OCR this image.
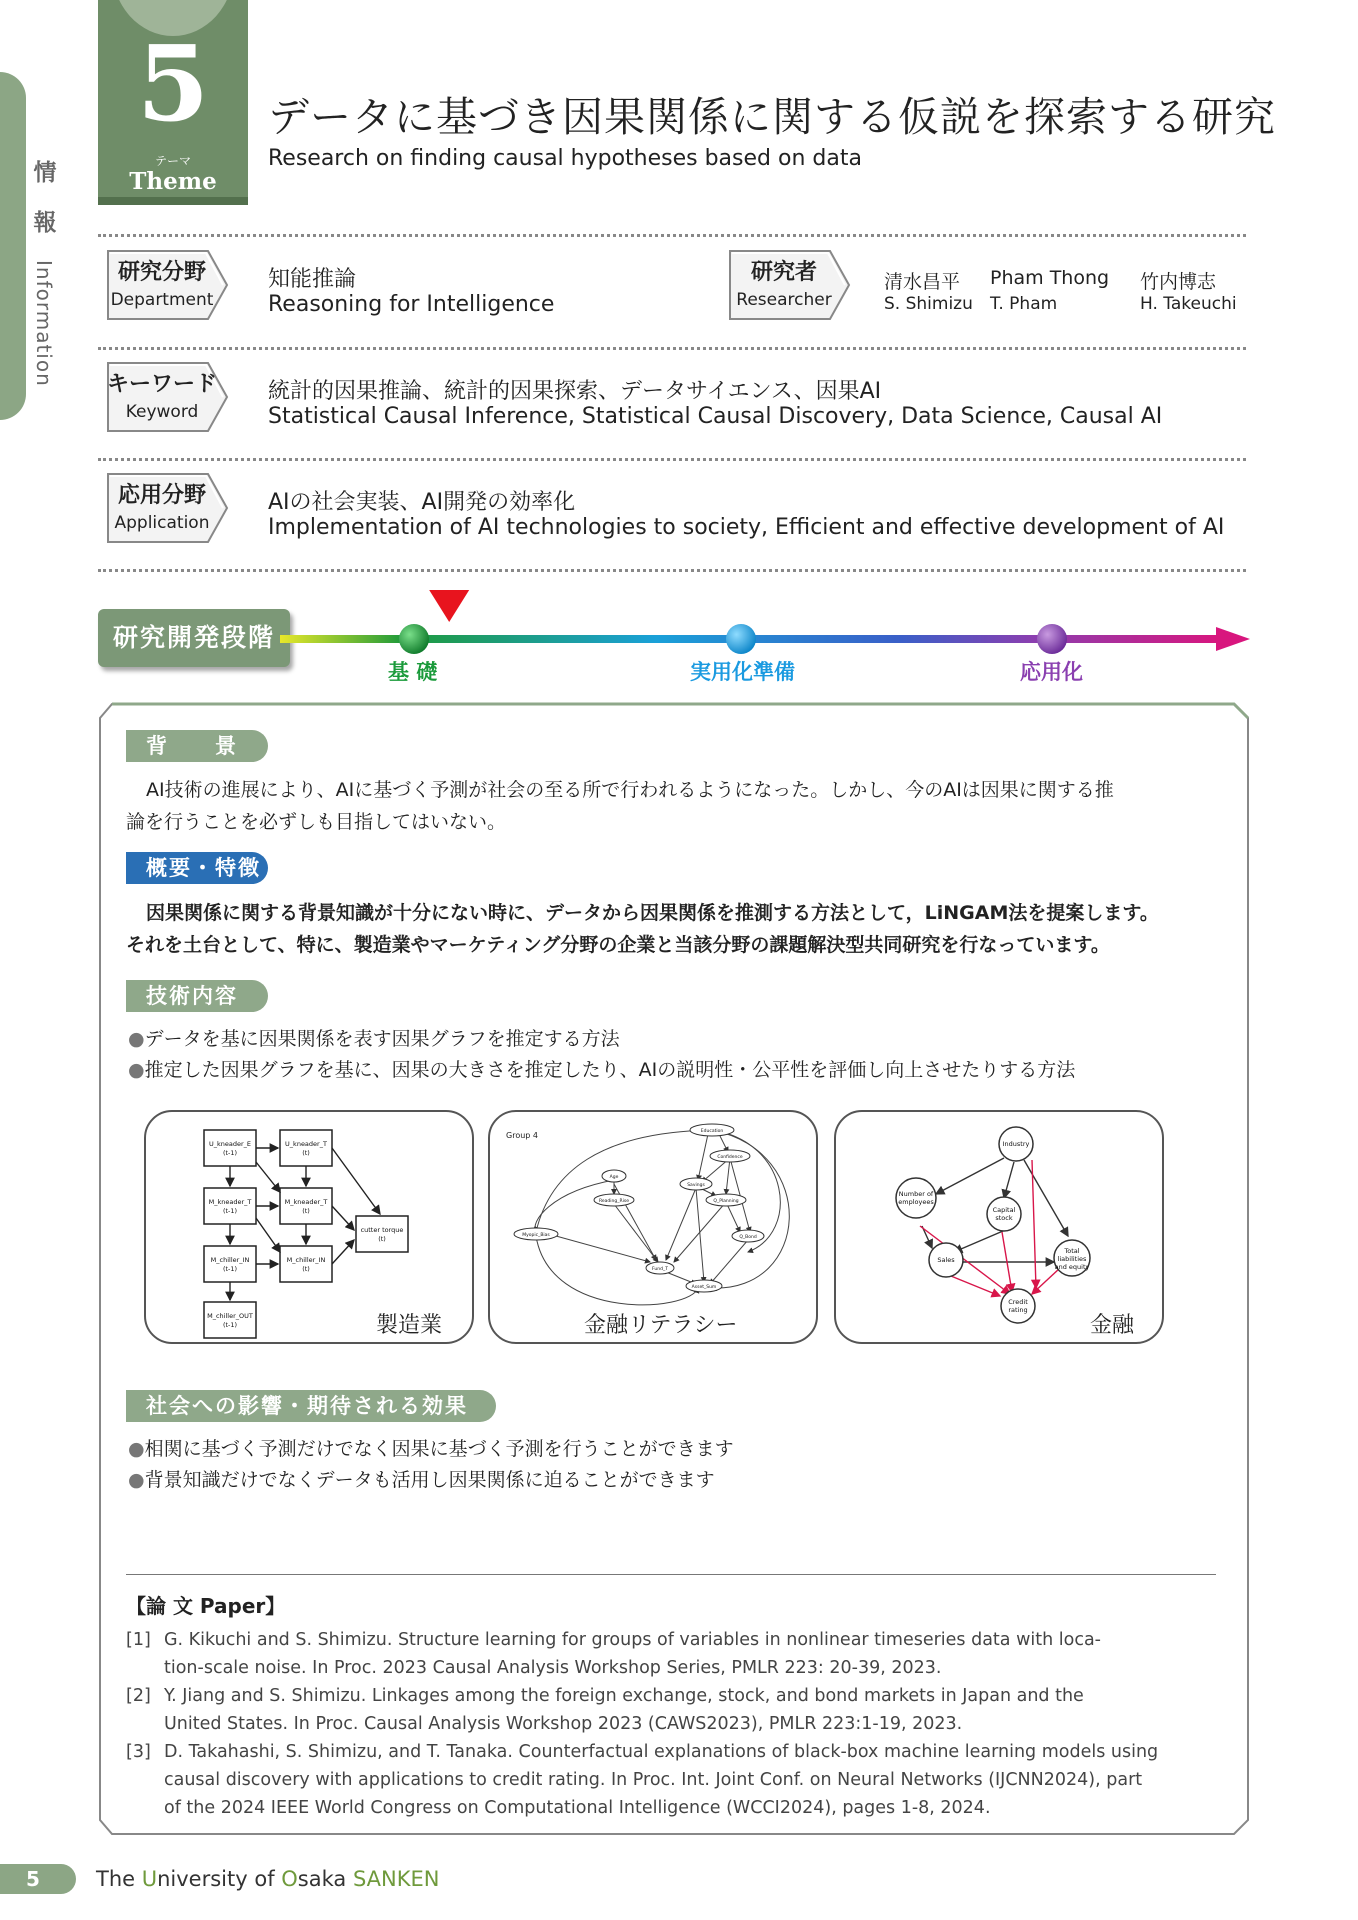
情
報
Information
5
テーマ
Theme
データに基づき因果関係に関する仮説を探索する研究
Research on finding causal hypotheses based on data
研究分野
Department
知能推論
Reasoning for Intelligence
研究者
Researcher
清水昌平
S. Shimizu
Pham Thong
T. Pham
竹内博志
H. Takeuchi
キーワード
Keyword
統計的因果推論、統計的因果探索、データサイエンス、因果AI
Statistical Causal Inference, Statistical Causal Discovery, Data Science, Causal AI
応用分野
Application
AIの社会実装、AI開発の効率化
Implementation of AI technologies to society, Efficient and effective development of AI
研究開発段階
基 礎	実用化準備	応用化
背　　景
AI技術の進展により、AIに基づく予測が社会の至る所で行われるようになった。しかし、今のAIは因果に関する推
論を行うことを必ずしも目指してはいない。
概要・特徴
因果関係に関する背景知識が十分にない時に、データから因果関係を推測する方法として，LiNGAM法を提案します。
それを土台として、特に、製造業やマーケティング分野の企業と当該分野の課題解決型共同研究を行なっています。
技術内容
●データを基に因果関係を表す因果グラフを推定する方法
●推定した因果グラフを基に、因果の大きさを推定したり、AIの説明性・公平性を評価し向上させたりする方法
U_kneader_E
(t-1)
U_kneader_T
(t)
M_kneader_T
(t-1)
M_kneader_T
(t)
M_chiller_IN
(t-1)
M_chiller_IN
(t)
M_chiller_OUT
(t-1)
cutter torque
(t)
製造業
Group 4	Education
Confidence
Age
Savings
Reading_Rise	Q_Planning
Q_Bond
Myopic_Bias
Fund_T
Asset_Sum
金融リテラシー
Industry
Number of
employees
Capital
stock
Sales
Total
liabilities
and equity
Credit
rating
金融
社会への影響・期待される効果
●相関に基づく予測だけでなく因果に基づく予測を行うことができます
●背景知識だけでなくデータも活用し因果関係に迫ることができます
【論 文 Paper】
[1] G. Kikuchi and S. Shimizu. Structure learning for groups of variables in nonlinear timeseries data with loca-
tion-scale noise. In Proc. 2023 Causal Analysis Workshop Series, PMLR 223: 20-39, 2023.
[2] Y. Jiang and S. Shimizu. Linkages among the foreign exchange, stock, and bond markets in Japan and the
United States. In Proc. Causal Analysis Workshop 2023 (CAWS2023), PMLR 223:1-19, 2023.
[3] D. Takahashi, S. Shimizu, and T. Tanaka. Counterfactual explanations of black-box machine learning models using
causal discovery with applications to credit rating. In Proc. Int. Joint Conf. on Neural Networks (IJCNN2024), part
of the 2024 IEEE World Congress on Computational Intelligence (WCCI2024), pages 1-8, 2024.
5	The University of Osaka SANKEN
